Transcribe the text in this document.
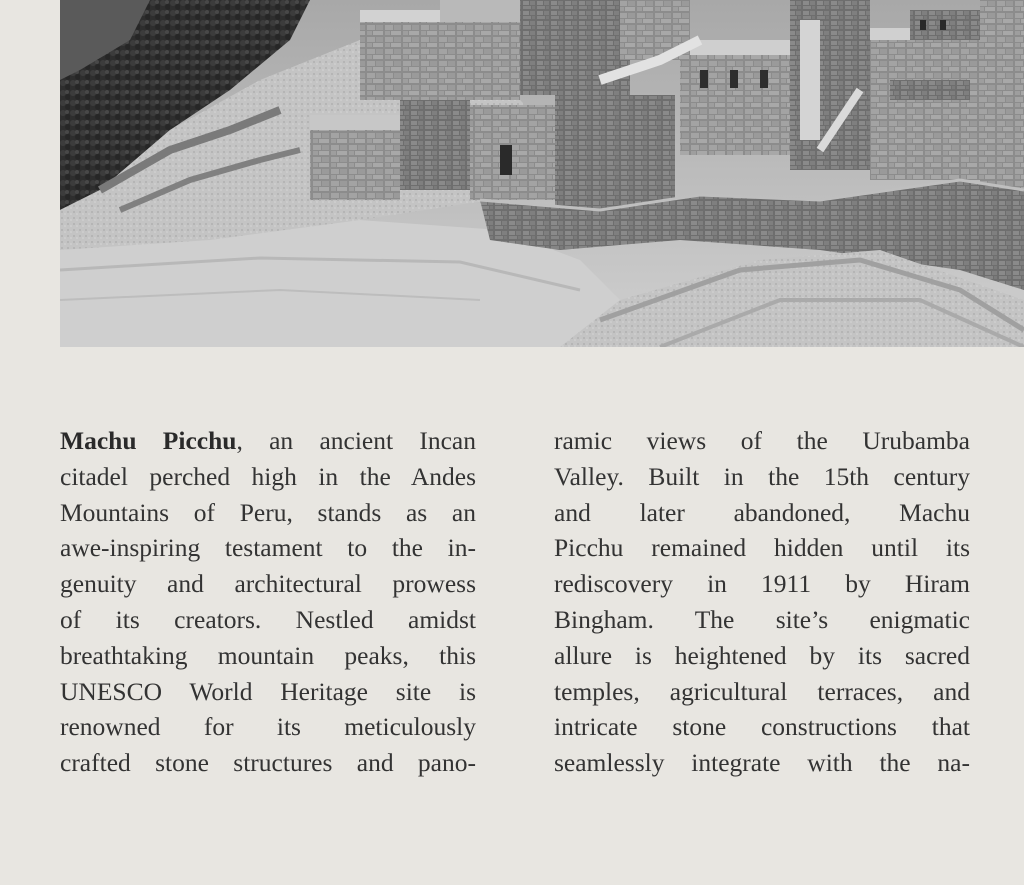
Machu Picchu, an ancient Incan
citadel perched high in the Andes
Mountains of Peru, stands as an
awe-inspiring testament to the in-
genuity and architectural prowess
of its creators. Nestled amidst
breathtaking mountain peaks, this
UNESCO World Heritage site is
renowned for its meticulously
crafted stone structures and pano-
ramic views of the Urubamba
Valley. Built in the 15th century
and later abandoned, Machu
Picchu remained hidden until its
rediscovery in 1911 by Hiram
Bingham. The site’s enigmatic
allure is heightened by its sacred
temples, agricultural terraces, and
intricate stone constructions that
seamlessly integrate with the na-
